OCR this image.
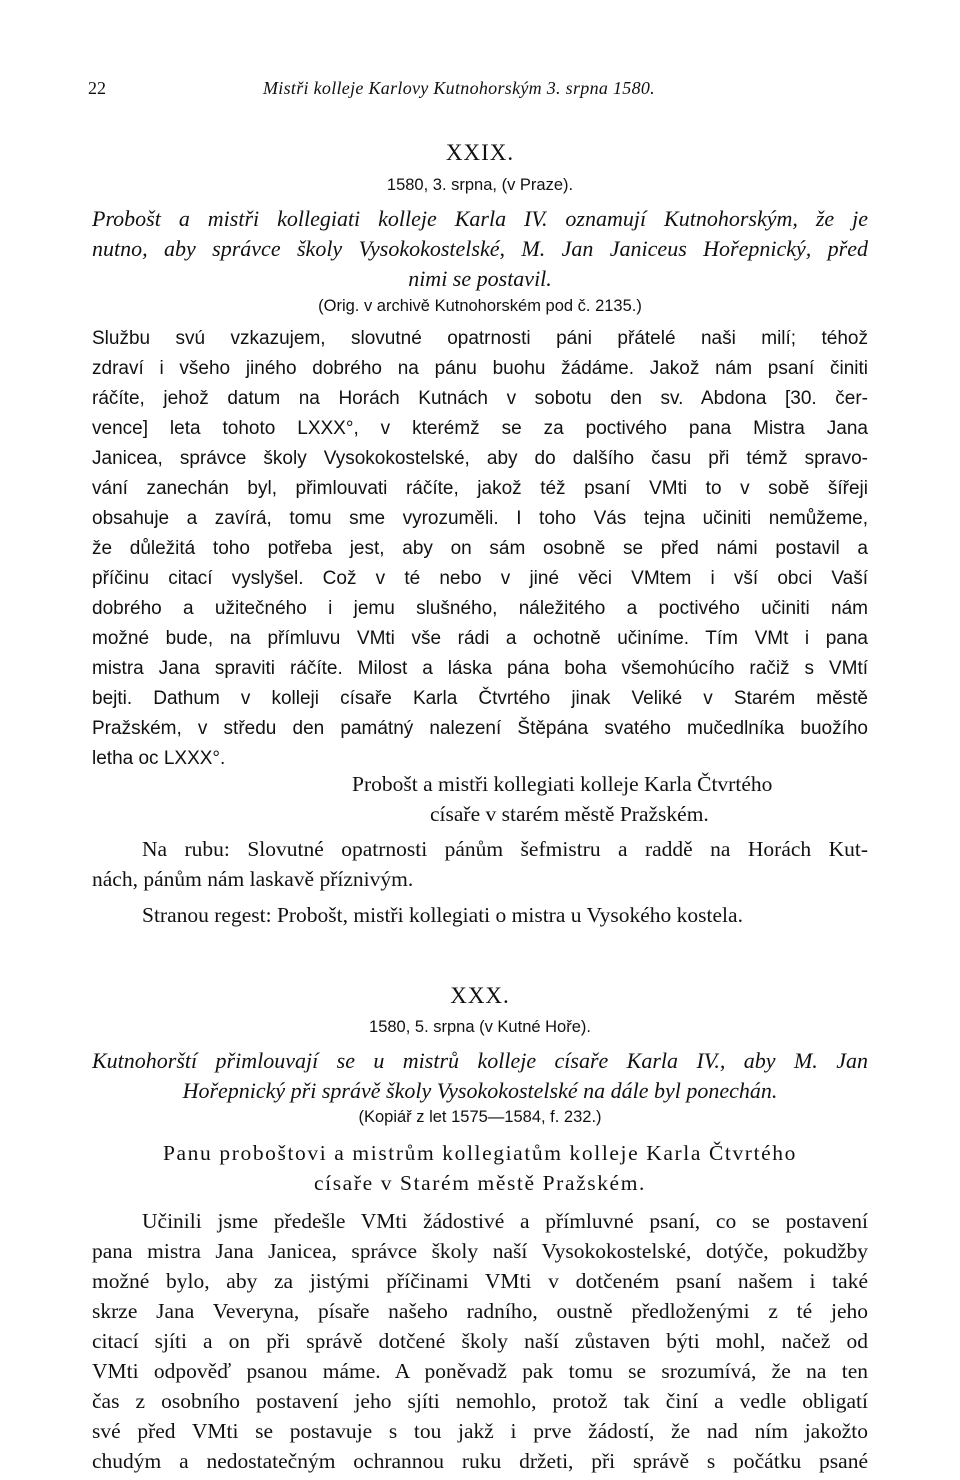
22	Mistři kolleje Karlovy Kutnohorským 3. srpna 1580.
XXIX.
1580, 3. srpna, (v Praze).
Probošt a mistři kollegiati kolleje Karla IV. oznamují Kutnohorským, že je
nutno, aby správce školy Vysokokostelské, M. Jan Janiceus Hořepnický, před
nimi se postavil.
(Orig. v archivě Kutnohorském pod č. 2135.)
Službu svú vzkazujem, slovutné opatrnosti páni přátelé naši milí; téhož
zdraví i všeho jiného dobrého na pánu buohu žádáme. Jakož nám psaní činiti
ráčíte, jehož datum na Horách Kutnách v sobotu den sv. Abdona [30. čer-
vence] leta tohoto LXXX°, v kterémž se za poctivého pana Mistra Jana
Janicea, správce školy Vysokokostelské, aby do dalšího času při témž spravo-
vání zanechán byl, přimlouvati ráčíte, jakož též psaní VMti to v sobě šířeji
obsahuje a zavírá, tomu sme vyrozuměli. I toho Vás tejna učiniti nemůžeme,
že důležitá toho potřeba jest, aby on sám osobně se před námi postavil a
příčinu citací vyslyšel. Což v té nebo v jiné věci VMtem i vší obci Vaší
dobrého a užitečného i jemu slušného, náležitého a poctivého učiniti nám
možné bude, na přímluvu VMti vše rádi a ochotně učiníme. Tím VMt i pana
mistra Jana spraviti ráčíte. Milost a láska pána boha všemohúcího račiž s VMtí
bejti. Dathum v kolleji císaře Karla Čtvrtého jinak Veliké v Starém městě
Pražském, v středu den památný nalezení Štěpána svatého mučedlníka buožího
letha oc LXXX°.
Probošt a mistři kollegiati kolleje Karla Čtvrtého
císaře v starém městě Pražském.
Na rubu: Slovutné opatrnosti pánům šefmistru a raddě na Horách Kut-
nách, pánům nám laskavě příznivým.
Stranou regest: Probošt, mistři kollegiati o mistra u Vysokého kostela.
XXX.
1580, 5. srpna (v Kutné Hoře).
Kutnohorští přimlouvají se u mistrů kolleje císaře Karla IV., aby M. Jan
Hořepnický při správě školy Vysokokostelské na dále byl ponechán.
(Kopiář z let 1575—1584, f. 232.)
Panu proboštovi a mistrům kollegiatům kolleje Karla Čtvrtého
císaře v Starém městě Pražském.
Učinili jsme předešle VMti žádostivé a přímluvné psaní, co se postavení
pana mistra Jana Janicea, správce školy naší Vysokokostelské, dotýče, pokudžby
možné bylo, aby za jistými příčinami VMti v dotčeném psaní našem i také
skrze Jana Veveryna, písaře našeho radního, oustně předloženými z té jeho
citací sjíti a on při správě dotčené školy naší zůstaven býti mohl, načež od
VMti odpověď psanou máme. A poněvadž pak tomu se srozumívá, že na ten
čas z osobního postavení jeho sjíti nemohlo, protož tak činí a vedle obligatí
své před VMti se postavuje s tou jakž i prve žádostí, že nad ním jakožto
chudým a nedostatečným ochrannou ruku držeti, při správě s počátku psané
